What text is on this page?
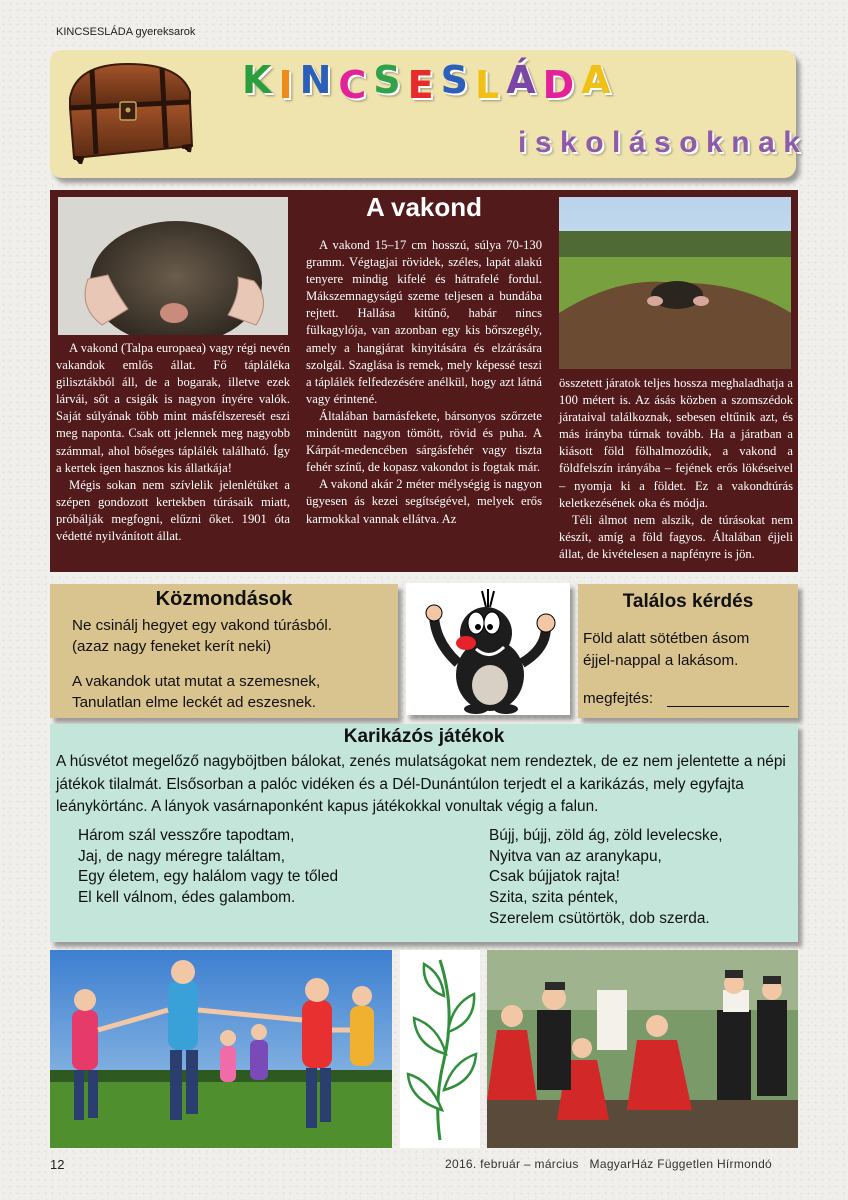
KINCSESLÁDA gyereksarok
KINCSESLÁDA
iskolásoknak
A vakond

A vakond (Talpa europaea) vagy régi nevén vakandok emlős állat. Fő tápláléka gilisztákból áll, de a bogarak, illetve ezek lárvái, sőt a csigák is nagyon ínyére valók. Saját súlyának több mint másfélszeresét eszi meg naponta. Csak ott jelennek meg nagyobb számmal, ahol bőséges táplálék található. Így a kertek igen hasznos kis állatkája!

Mégis sokan nem szívlelik jelenlétüket a szépen gondozott kertekben túrásaik miatt, próbálják megfogni, elűzni őket. 1901 óta védetté nyilvánított állat.

A vakond 15–17 cm hosszú, súlya 70-130 gramm. Végtagjai rövidek, széles, lapát alakú tenyere mindig kifelé és hátrafelé fordul. Mákszemnagyságú szeme teljesen a bundába rejtett. Hallása kitűnő, habár nincs fülkagylója, van azonban egy kis bőrszegély, amely a hangjárat kinyitására és elzárására szolgál. Szaglása is remek, mely képessé teszi a táplálék felfedezésére anélkül, hogy azt látná vagy érintené.

Általában barnásfekete, bársonyos szőrzete mindenütt nagyon tömött, rövid és puha. A Kárpát-medencében sárgásfehér vagy tiszta fehér színű, de kopasz vakondot is fogtak már.

A vakond akár 2 méter mélységig is nagyon ügyesen ás kezei segítségével, melyek erős karmokkal vannak ellátva. Az

összetett járatok teljes hossza meghaladhatja a 100 métert is. Az ásás közben a szomszédok járataival találkoznak, sebesen eltűnik azt, és más irányba túrnak tovább. Ha a járatban a kiásott föld fölhalmozódik, a vakond a földfelszín irányába – fejének erős lökéseivel – nyomja ki a földet. Ez a vakondtúrás keletkezésének oka és módja.

Téli álmot nem alszik, de túrásokat nem készít, amíg a föld fagyos. Általában éjjeli állat, de kivételesen a napfényre is jön.

Közmondások

Ne csinálj hegyet egy vakond túrásból.
(azaz nagy feneket kerít neki)

A vakandok utat mutat a szemesnek,
Tanulatlan elme leckét ad eszesnek.

Találos kérdés
Föld alatt sötétben ásom
éjjel-nappal a lakásom.
megfejtés:
Karikázós játékok
A húsvétot megelőző nagyböjtben bálokat, zenés mulatságokat nem rendeztek, de ez nem jelentette a népi játékok tilalmát. Elsősorban a palóc vidéken és a Dél-Dunántúlon terjedt el a karikázás, mely egyfajta leánykörtánc. A lányok vasárnaponként kapus játékokkal vonultak végig a falun.
Három szál vesszőre tapodtam,
Jaj, de nagy méregre találtam,
Egy életem, egy halálom vagy te tőled
El kell válnom, édes galambom.
Bújj, bújj, zöld ág, zöld levelecske,
Nyitva van az aranykapu,
Csak bújjatok rajta!
Szita, szita péntek,
Szerelem csütörtök, dob szerda.
12	2016. február – március MagyarHáz Független Hírmondó
